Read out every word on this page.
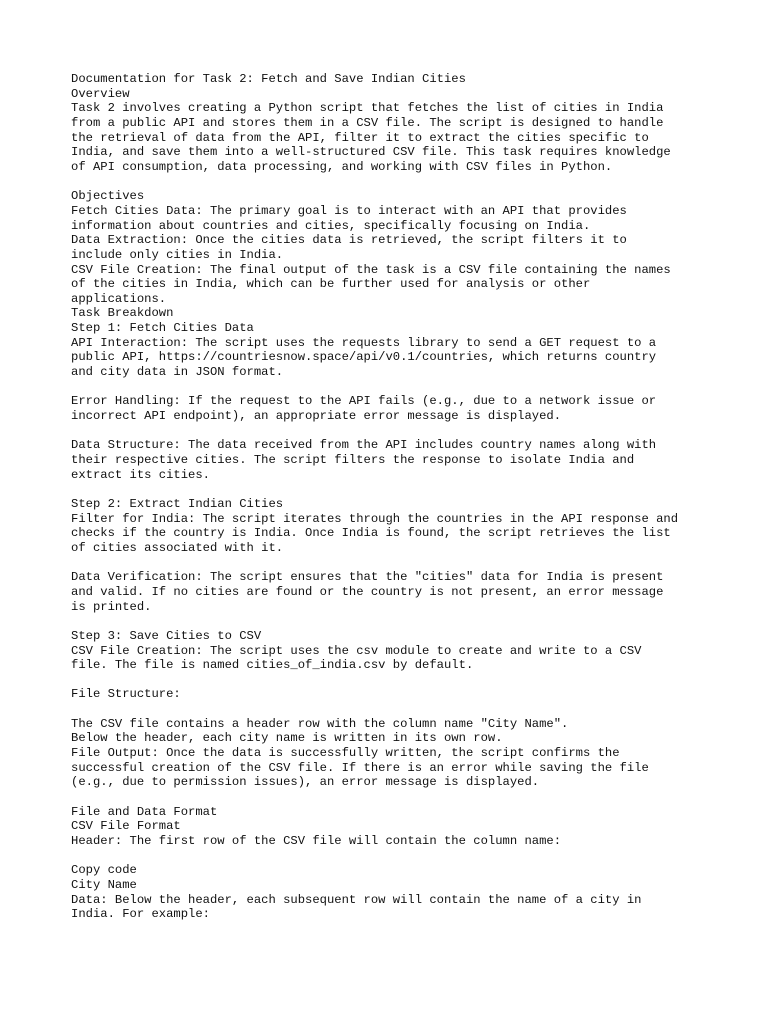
Documentation for Task 2: Fetch and Save Indian Cities
Overview
Task 2 involves creating a Python script that fetches the list of cities in India
from a public API and stores them in a CSV file. The script is designed to handle
the retrieval of data from the API, filter it to extract the cities specific to
India, and save them into a well-structured CSV file. This task requires knowledge
of API consumption, data processing, and working with CSV files in Python.
Objectives
Fetch Cities Data: The primary goal is to interact with an API that provides
information about countries and cities, specifically focusing on India.
Data Extraction: Once the cities data is retrieved, the script filters it to
include only cities in India.
CSV File Creation: The final output of the task is a CSV file containing the names
of the cities in India, which can be further used for analysis or other
applications.
Task Breakdown
Step 1: Fetch Cities Data
API Interaction: The script uses the requests library to send a GET request to a
public API, https://countriesnow.space/api/v0.1/countries, which returns country
and city data in JSON format.
Error Handling: If the request to the API fails (e.g., due to a network issue or
incorrect API endpoint), an appropriate error message is displayed.
Data Structure: The data received from the API includes country names along with
their respective cities. The script filters the response to isolate India and
extract its cities.
Step 2: Extract Indian Cities
Filter for India: The script iterates through the countries in the API response and
checks if the country is India. Once India is found, the script retrieves the list
of cities associated with it.
Data Verification: The script ensures that the "cities" data for India is present
and valid. If no cities are found or the country is not present, an error message
is printed.
Step 3: Save Cities to CSV
CSV File Creation: The script uses the csv module to create and write to a CSV
file. The file is named cities_of_india.csv by default.
File Structure:
The CSV file contains a header row with the column name "City Name".
Below the header, each city name is written in its own row.
File Output: Once the data is successfully written, the script confirms the
successful creation of the CSV file. If there is an error while saving the file
(e.g., due to permission issues), an error message is displayed.
File and Data Format
CSV File Format
Header: The first row of the CSV file will contain the column name:
Copy code
City Name
Data: Below the header, each subsequent row will contain the name of a city in
India. For example:
